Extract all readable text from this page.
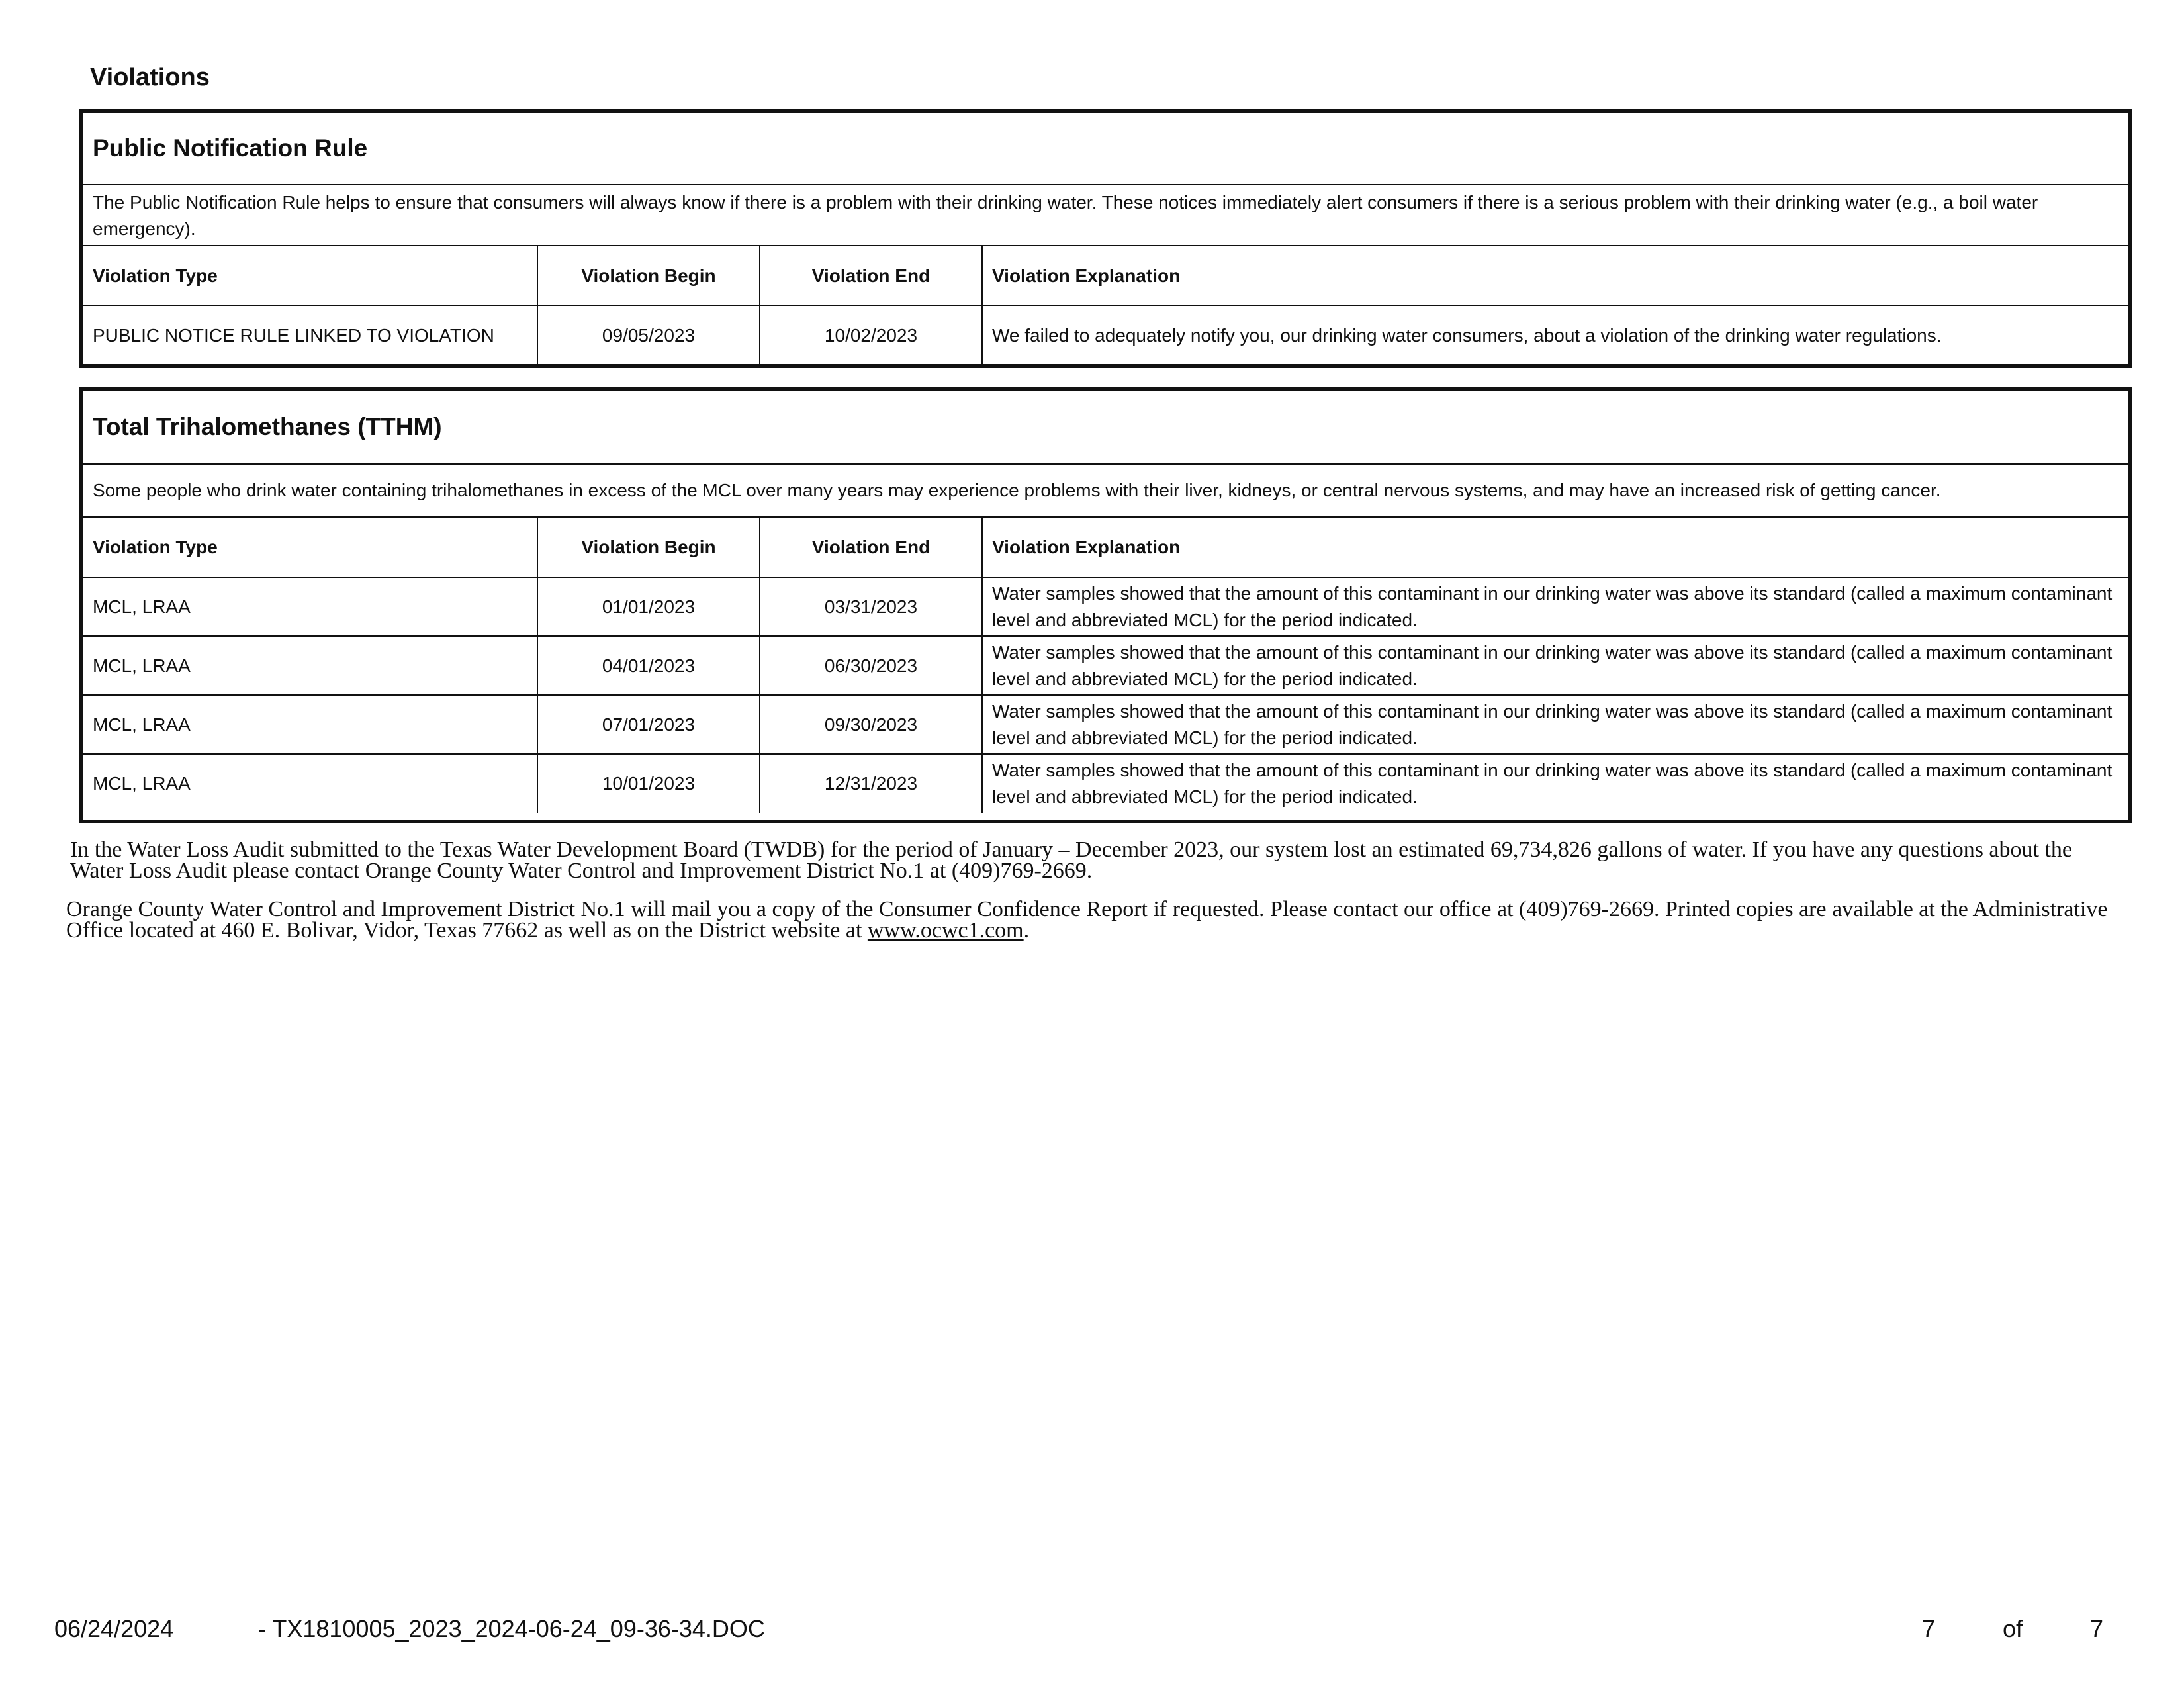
Violations
Public Notification Rule
The Public Notification Rule helps to ensure that consumers will always know if there is a problem with their drinking water. These notices immediately alert consumers if there is a serious problem with their drinking water (e.g., a boil water emergency).
Violation Type	Violation Begin	Violation End	Violation Explanation
PUBLIC NOTICE RULE LINKED TO VIOLATION	09/05/2023	10/02/2023	We failed to adequately notify you, our drinking water consumers, about a violation of the drinking water regulations.
Total Trihalomethanes (TTHM)
Some people who drink water containing trihalomethanes in excess of the MCL over many years may experience problems with their liver, kidneys, or central nervous systems, and may have an increased risk of getting cancer.
Violation Type	Violation Begin	Violation End	Violation Explanation
MCL, LRAA	01/01/2023	03/31/2023	Water samples showed that the amount of this contaminant in our drinking water was above its standard (called a maximum contaminant level and abbreviated MCL) for the period indicated.
MCL, LRAA	04/01/2023	06/30/2023	Water samples showed that the amount of this contaminant in our drinking water was above its standard (called a maximum contaminant level and abbreviated MCL) for the period indicated.
MCL, LRAA	07/01/2023	09/30/2023	Water samples showed that the amount of this contaminant in our drinking water was above its standard (called a maximum contaminant level and abbreviated MCL) for the period indicated.
MCL, LRAA	10/01/2023	12/31/2023	Water samples showed that the amount of this contaminant in our drinking water was above its standard (called a maximum contaminant level and abbreviated MCL) for the period indicated.
In the Water Loss Audit submitted to the Texas Water Development Board (TWDB) for the period of January – December 2023, our system lost an estimated 69,734,826 gallons of water. If you have any questions about the Water Loss Audit please contact Orange County Water Control and Improvement District No.1 at (409)769-2669.
Orange County Water Control and Improvement District No.1 will mail you a copy of the Consumer Confidence Report if requested. Please contact our office at (409)769-2669. Printed copies are available at the Administrative Office located at 460 E. Bolivar, Vidor, Texas 77662 as well as on the District website at www.ocwc1.com.
06/24/2024	- TX1810005_2023_2024-06-24_09-36-34.DOC	7	of	7
